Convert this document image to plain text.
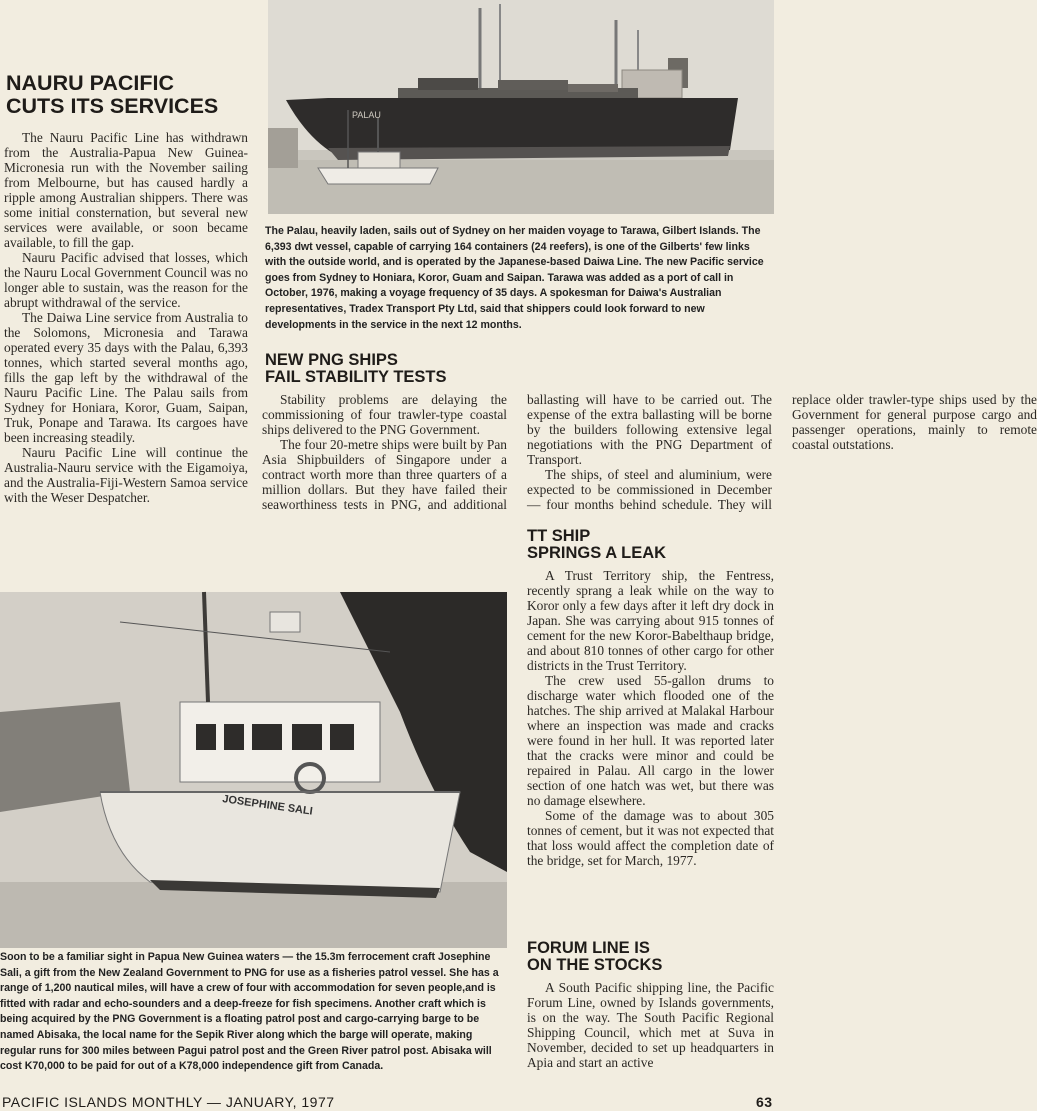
PALAU

The Palau, heavily laden, sails out of Sydney on her maiden voyage to Tarawa, Gilbert Islands. The 6,393 dwt vessel, capable of carrying 164 containers (24 reefers), is one of the Gilberts' few links with the outside world, and is operated by the Japanese-based Daiwa Line. The new Pacific service goes from Sydney to Honiara, Koror, Guam and Saipan. Tarawa was added as a port of call in October, 1976, making a voyage frequency of 35 days. A spokesman for Daiwa's Australian representatives, Tradex Transport Pty Ltd, said that shippers could look forward to new developments in the service in the next 12 months.

NAURU PACIFIC
CUTS ITS SERVICES

The Nauru Pacific Line has withdrawn from the Australia-Papua New Guinea-Micronesia run with the November sailing from Melbourne, but has caused hardly a ripple among Australian shippers. There was some initial consternation, but several new services were available, or soon became available, to fill the gap.

Nauru Pacific advised that losses, which the Nauru Local Government Council was no longer able to sustain, was the reason for the abrupt withdrawal of the service.

The Daiwa Line service from Australia to the Solomons, Micronesia and Tarawa operated every 35 days with the Palau, 6,393 tonnes, which started several months ago, fills the gap left by the withdrawal of the Nauru Pacific Line. The Palau sails from Sydney for Honiara, Koror, Guam, Saipan, Truk, Ponape and Tarawa. Its cargoes have been increasing steadily.

Nauru Pacific Line will continue the Australia-Nauru service with the Eigamoiya, and the Australia-Fiji-Western Samoa service with the Weser Despatcher.

NEW PNG SHIPS
FAIL STABILITY TESTS

Stability problems are delaying the commissioning of four trawler-type coastal ships delivered to the PNG Government.

The four 20-metre ships were built by Pan Asia Shipbuilders of Singapore under a contract worth more than three quarters of a million dollars. But they have failed their seaworthiness tests in PNG, and additional ballasting will have to be carried out. The expense of the extra ballasting will be borne by the builders following extensive legal negotiations with the PNG Department of Transport.

The ships, of steel and aluminium, were expected to be commissioned in December — four months behind schedule. They will replace older trawler-type ships used by the Government for general purpose cargo and passenger operations, mainly to remote coastal outstations.

JOSEPHINE SALI

Soon to be a familiar sight in Papua New Guinea waters — the 15.3m ferrocement craft Josephine Sali, a gift from the New Zealand Government to PNG for use as a fisheries patrol vessel. She has a range of 1,200 nautical miles, will have a crew of four with accommodation for seven people,and is fitted with radar and echo-sounders and a deep-freeze for fish specimens. Another craft which is being acquired by the PNG Government is a floating patrol post and cargo-carrying barge to be named Abisaka, the local name for the Sepik River along which the barge will operate, making regular runs for 300 miles between Pagui patrol post and the Green River patrol post. Abisaka will cost K70,000 to be paid for out of a K78,000 independence gift from Canada.

TT SHIP
SPRINGS A LEAK

A Trust Territory ship, the Fentress, recently sprang a leak while on the way to Koror only a few days after it left dry dock in Japan. She was carrying about 915 tonnes of cement for the new Koror-Babelthaup bridge, and about 810 tonnes of other cargo for other districts in the Trust Territory.

The crew used 55-gallon drums to discharge water which flooded one of the hatches. The ship arrived at Malakal Harbour where an inspection was made and cracks were found in her hull. It was reported later that the cracks were minor and could be repaired in Palau. All cargo in the lower section of one hatch was wet, but there was no damage elsewhere.

Some of the damage was to about 305 tonnes of cement, but it was not expected that that loss would affect the completion date of the bridge, set for March, 1977.

FORUM LINE IS
ON THE STOCKS

A South Pacific shipping line, the Pacific Forum Line, owned by Islands governments, is on the way. The South Pacific Regional Shipping Council, which met at Suva in November, decided to set up headquarters in Apia and start an active

PACIFIC ISLANDS MONTHLY — JANUARY, 1977	63
